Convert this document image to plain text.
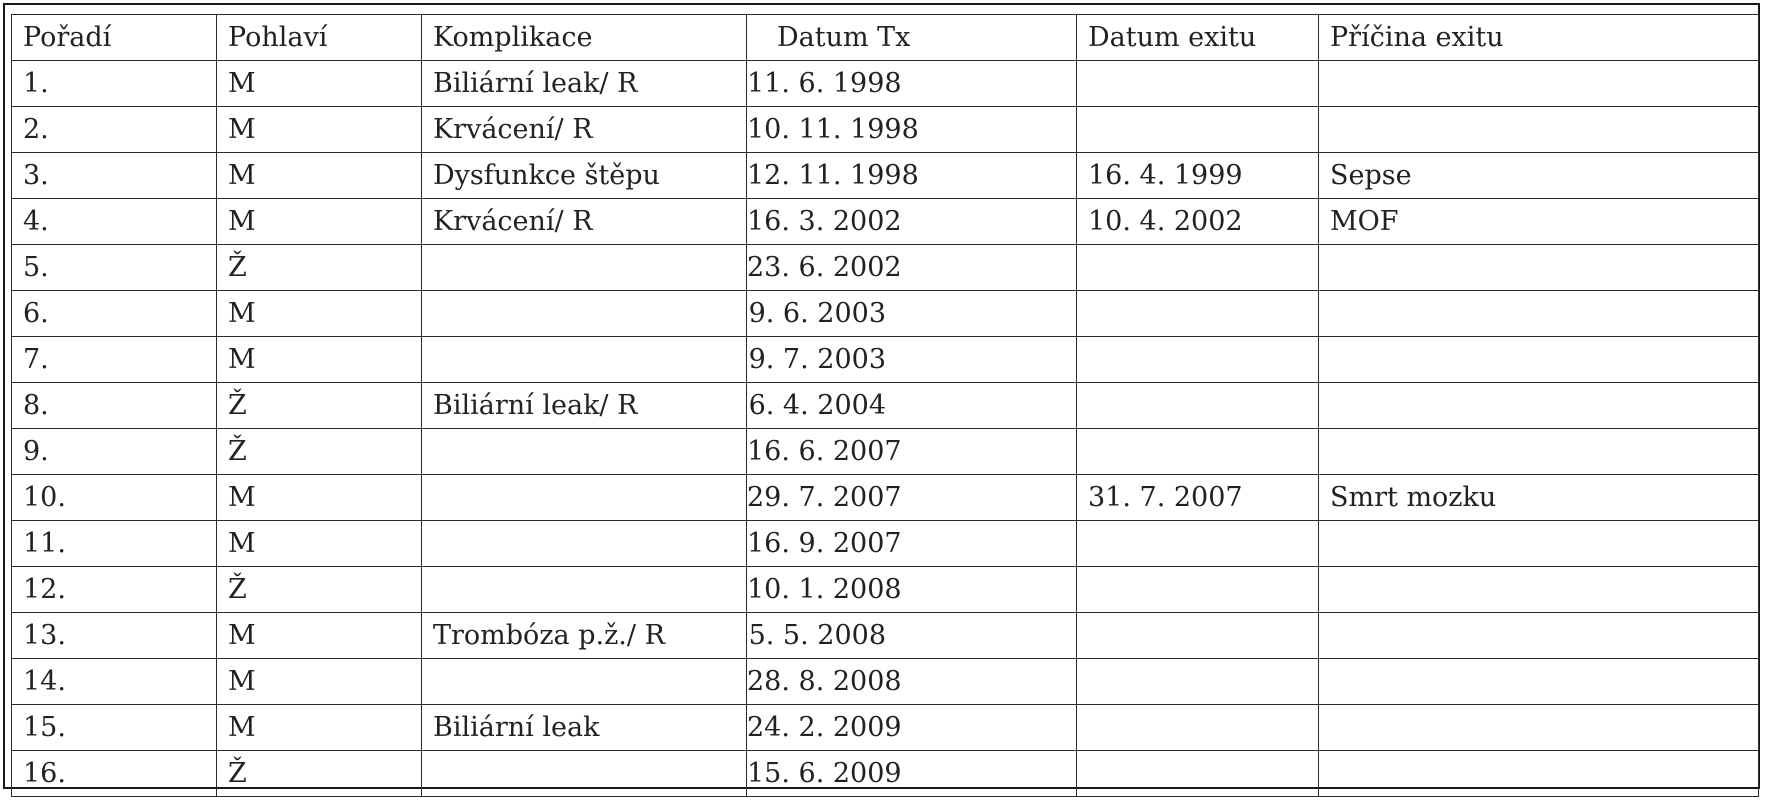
Pořadí	Pohlaví	Komplikace	Datum Tx	Datum exitu	Příčina exitu
1.	M	Biliární leak/ R	11. 6. 1998		
2.	M	Krvácení/ R	10. 11. 1998		
3.	M	Dysfunkce štěpu	12. 11. 1998	16. 4. 1999	Sepse
4.	M	Krvácení/ R	16. 3. 2002	10. 4. 2002	MOF
5.	Ž		23. 6. 2002		
6.	M		9. 6. 2003		
7.	M		9. 7. 2003		
8.	Ž	Biliární leak/ R	6. 4. 2004		
9.	Ž		16. 6. 2007		
10.	M		29. 7. 2007	31. 7. 2007	Smrt mozku
11.	M		16. 9. 2007		
12.	Ž		10. 1. 2008		
13.	M	Trombóza p.ž./ R	5. 5. 2008		
14.	M		28. 8. 2008		
15.	M	Biliární leak	24. 2. 2009		
16.	Ž		15. 6. 2009		
